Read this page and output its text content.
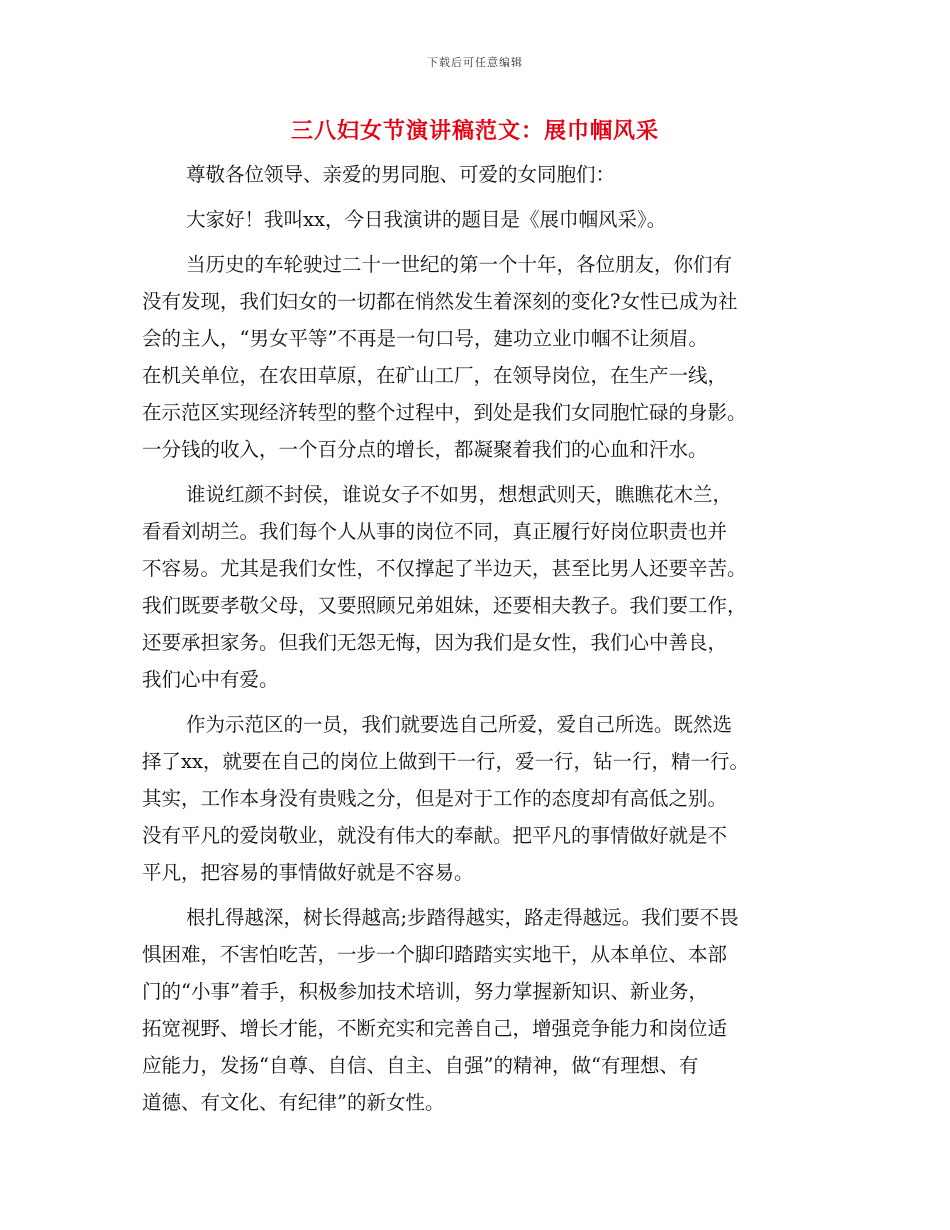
下载后可任意编辑
三八妇女节演讲稿范文：展巾帼风采

尊敬各位领导、亲爱的男同胞、可爱的女同胞们：

大家好！我叫xx，今日我演讲的题目是《展巾帼风采》。

当历史的车轮驶过二十一世纪的第一个十年，各位朋友，你们有
没有发现，我们妇女的一切都在悄然发生着深刻的变化?女性已成为社
会的主人，“男女平等”不再是一句口号，建功立业巾帼不让须眉。
在机关单位，在农田草原，在矿山工厂，在领导岗位，在生产一线，
在示范区实现经济转型的整个过程中，到处是我们女同胞忙碌的身影。
一分钱的收入，一个百分点的增长，都凝聚着我们的心血和汗水。

谁说红颜不封侯，谁说女子不如男，想想武则天，瞧瞧花木兰，
看看刘胡兰。我们每个人从事的岗位不同，真正履行好岗位职责也并
不容易。尤其是我们女性，不仅撑起了半边天，甚至比男人还要辛苦。
我们既要孝敬父母，又要照顾兄弟姐妹，还要相夫教子。我们要工作，
还要承担家务。但我们无怨无悔，因为我们是女性，我们心中善良，
我们心中有爱。

作为示范区的一员，我们就要选自己所爱，爱自己所选。既然选
择了xx，就要在自己的岗位上做到干一行，爱一行，钻一行，精一行。
其实，工作本身没有贵贱之分，但是对于工作的态度却有高低之别。
没有平凡的爱岗敬业，就没有伟大的奉献。把平凡的事情做好就是不
平凡，把容易的事情做好就是不容易。

根扎得越深，树长得越高;步踏得越实，路走得越远。我们要不畏
惧困难，不害怕吃苦，一步一个脚印踏踏实实地干，从本单位、本部
门的“小事”着手，积极参加技术培训，努力掌握新知识、新业务，
拓宽视野、增长才能，不断充实和完善自己，增强竞争能力和岗位适
应能力，发扬“自尊、自信、自主、自强”的精神，做“有理想、有
道德、有文化、有纪律”的新女性。
